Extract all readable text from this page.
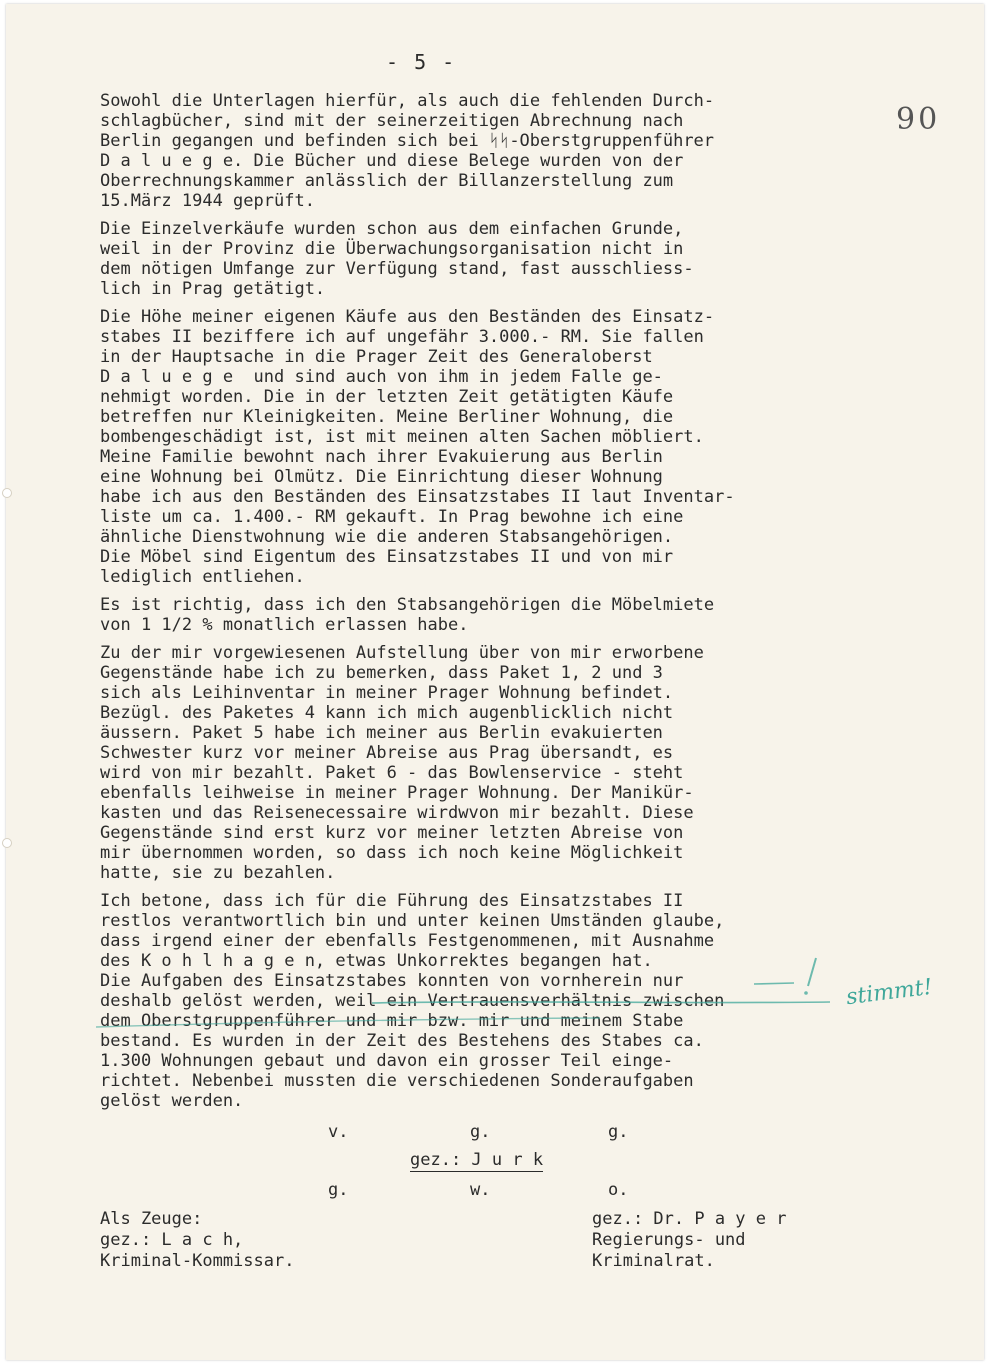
- 5 -
90
Sowohl die Unterlagen hierfür, als auch die fehlenden Durch-
schlagbücher, sind mit der seinerzeitigen Abrechnung nach
Berlin gegangen und befinden sich bei ᛋᛋ-Oberstgruppenführer
D a l u e g e. Die Bücher und diese Belege wurden von der
Oberrechnungskammer anlässlich der Billanzerstellung zum
15.März 1944 geprüft.
Die Einzelverkäufe wurden schon aus dem einfachen Grunde,
weil in der Provinz die Überwachungsorganisation nicht in
dem nötigen Umfange zur Verfügung stand, fast ausschliess-
lich in Prag getätigt.
Die Höhe meiner eigenen Käufe aus den Beständen des Einsatz-
stabes II beziffere ich auf ungefähr 3.000.- RM. Sie fallen
in der Hauptsache in die Prager Zeit des Generaloberst
D a l u e g e  und sind auch von ihm in jedem Falle ge-
nehmigt worden. Die in der letzten Zeit getätigten Käufe
betreffen nur Kleinigkeiten. Meine Berliner Wohnung, die
bombengeschädigt ist, ist mit meinen alten Sachen möbliert.
Meine Familie bewohnt nach ihrer Evakuierung aus Berlin
eine Wohnung bei Olmütz. Die Einrichtung dieser Wohnung
habe ich aus den Beständen des Einsatzstabes II laut Inventar-
liste um ca. 1.400.- RM gekauft. In Prag bewohne ich eine
ähnliche Dienstwohnung wie die anderen Stabsangehörigen.
Die Möbel sind Eigentum des Einsatzstabes II und von mir
lediglich entliehen.
Es ist richtig, dass ich den Stabsangehörigen die Möbelmiete
von 1 1/2 % monatlich erlassen habe.
Zu der mir vorgewiesenen Aufstellung über von mir erworbene
Gegenstände habe ich zu bemerken, dass Paket 1, 2 und 3
sich als Leihinventar in meiner Prager Wohnung befindet.
Bezügl. des Paketes 4 kann ich mich augenblicklich nicht
äussern. Paket 5 habe ich meiner aus Berlin evakuierten
Schwester kurz vor meiner Abreise aus Prag übersandt, es
wird von mir bezahlt. Paket 6 - das Bowlenservice - steht
ebenfalls leihweise in meiner Prager Wohnung. Der Manikür-
kasten und das Reisenecessaire wirdwvon mir bezahlt. Diese
Gegenstände sind erst kurz vor meiner letzten Abreise von
mir übernommen worden, so dass ich noch keine Möglichkeit
hatte, sie zu bezahlen.
Ich betone, dass ich für die Führung des Einsatzstabes II
restlos verantwortlich bin und unter keinen Umständen glaube,
dass irgend einer der ebenfalls Festgenommenen, mit Ausnahme
des K o h l h a g e n, etwas Unkorrektes begangen hat.
Die Aufgaben des Einsatzstabes konnten von vornherein nur
deshalb gelöst werden, weil ein Vertrauensverhältnis zwischen
dem Oberstgruppenführer und mir bzw. mir und meinem Stabe
bestand. Es wurden in der Zeit des Bestehens des Stabes ca.
1.300 Wohnungen gebaut und davon ein grosser Teil einge-
richtet. Nebenbei mussten die verschiedenen Sonderaufgaben
gelöst werden.
v.	g.	g.
gez.: J u r k
g.	w.	o.
Als Zeuge:
gez.: L a c h,
Kriminal-Kommissar.
gez.: Dr. P a y e r
Regierungs- und
Kriminalrat.
stimmt!
